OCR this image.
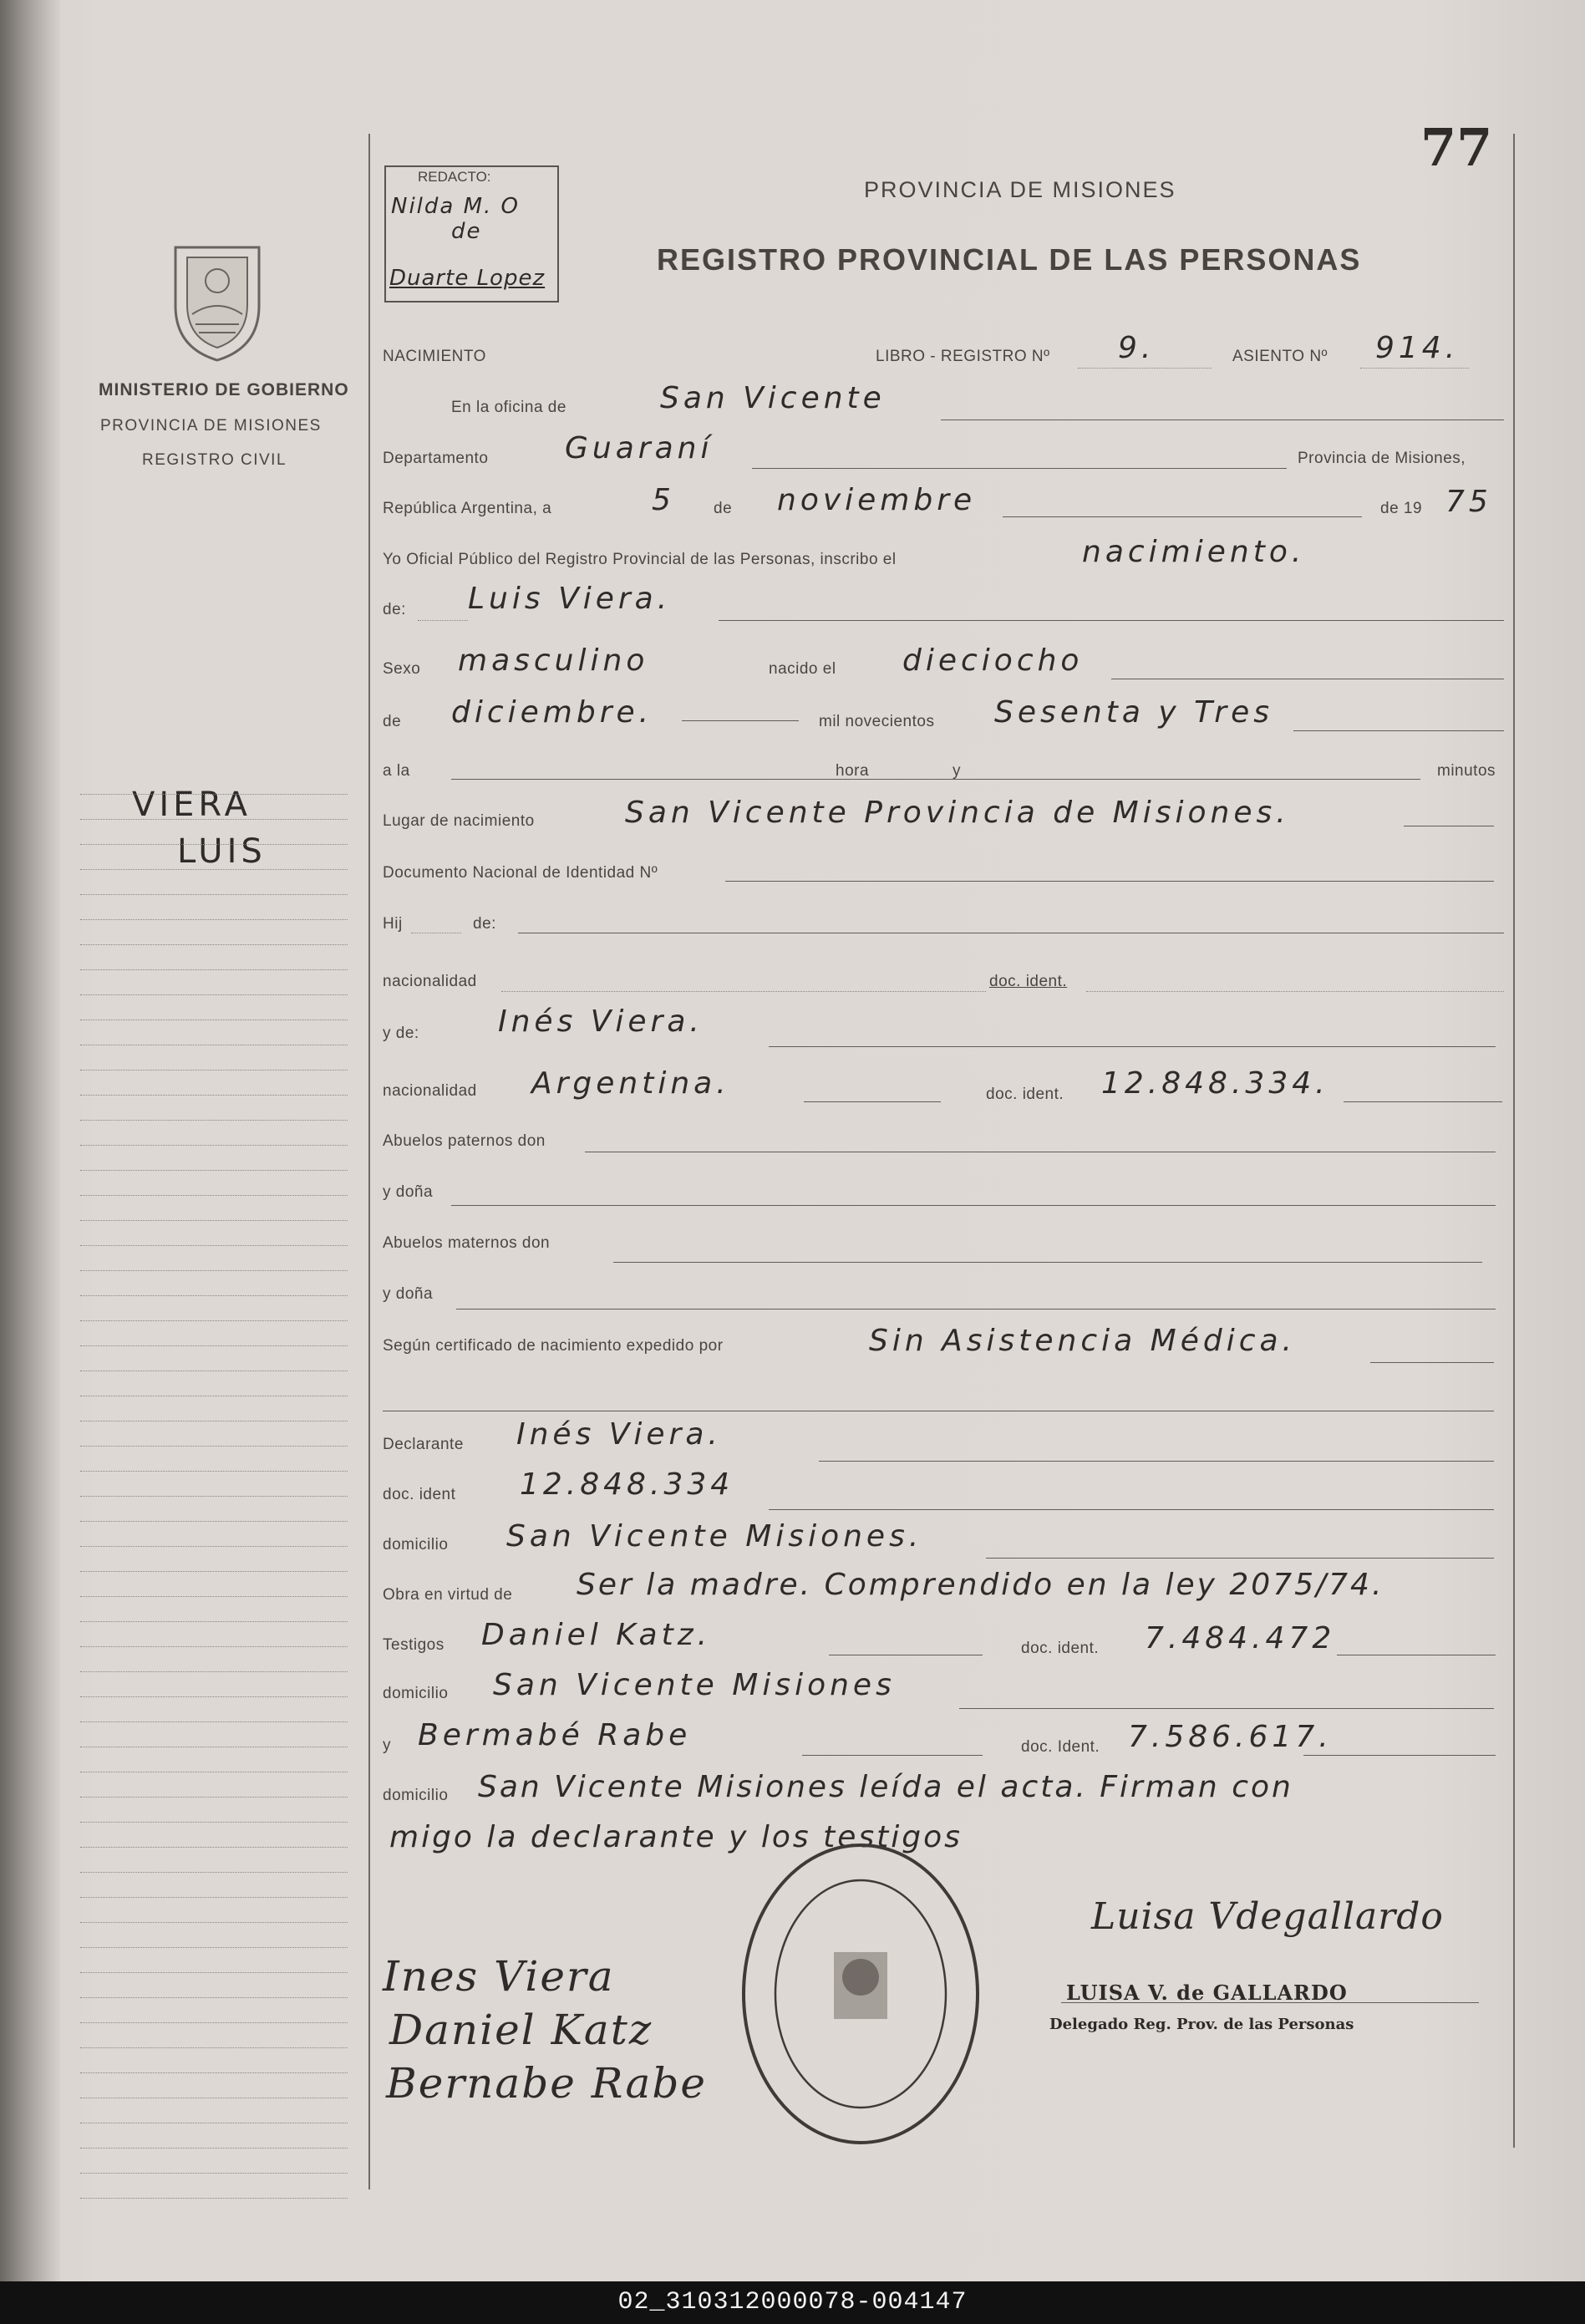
77
REDACTO:
Nilda M. O
de
Duarte Lopez
PROVINCIA DE MISIONES
REGISTRO PROVINCIAL DE LAS PERSONAS
MINISTERIO DE GOBIERNO
PROVINCIA DE MISIONES
REGISTRO CIVIL
VIERA
LUIS
NACIMIENTO	LIBRO - REGISTRO Nº 9.	ASIENTO Nº 914.
En la oficina de	San Vicente
Departamento	Guaraní	Provincia de Misiones,
República Argentina, a	5 de noviembre	de 19 75
Yo Oficial Público del Registro Provincial de las Personas, inscribo el	nacimiento.
de: Luis Viera.
Sexo masculino	nacido el dieciocho
de diciembre.	mil novecientos Sesenta y Tres
a la	hora	y	minutos
Lugar de nacimiento	San Vicente Provincia de Misiones.
Documento Nacional de Identidad Nº
Hij	de:
nacionalidad	doc. ident.
y de:	Inés Viera.
nacionalidad Argentina.	doc. ident. 12.848.334.
Abuelos paternos don
y doña
Abuelos maternos don
y doña
Según certificado de nacimiento expedido por	Sin Asistencia Médica.
Declarante Inés Viera.
doc. ident 12.848.334
domicilio San Vicente Misiones.
Obra en virtud de Ser la madre. Comprendido en la ley 2075/74.
Testigos Daniel Katz.	doc. ident. 7.484.472
domicilio San Vicente Misiones
y Bermabé Rabe	doc. Ident. 7.586.617.
domicilio San Vicente Misiones leída el acta. Firman con
migo la declarante y los testigos
Ines Viera
Daniel Katz
Bernabe Rabe
Luisa Vdegallardo
LUISA V. de GALLARDO
Delegado Reg. Prov. de las Personas
02_310312000078-004147
